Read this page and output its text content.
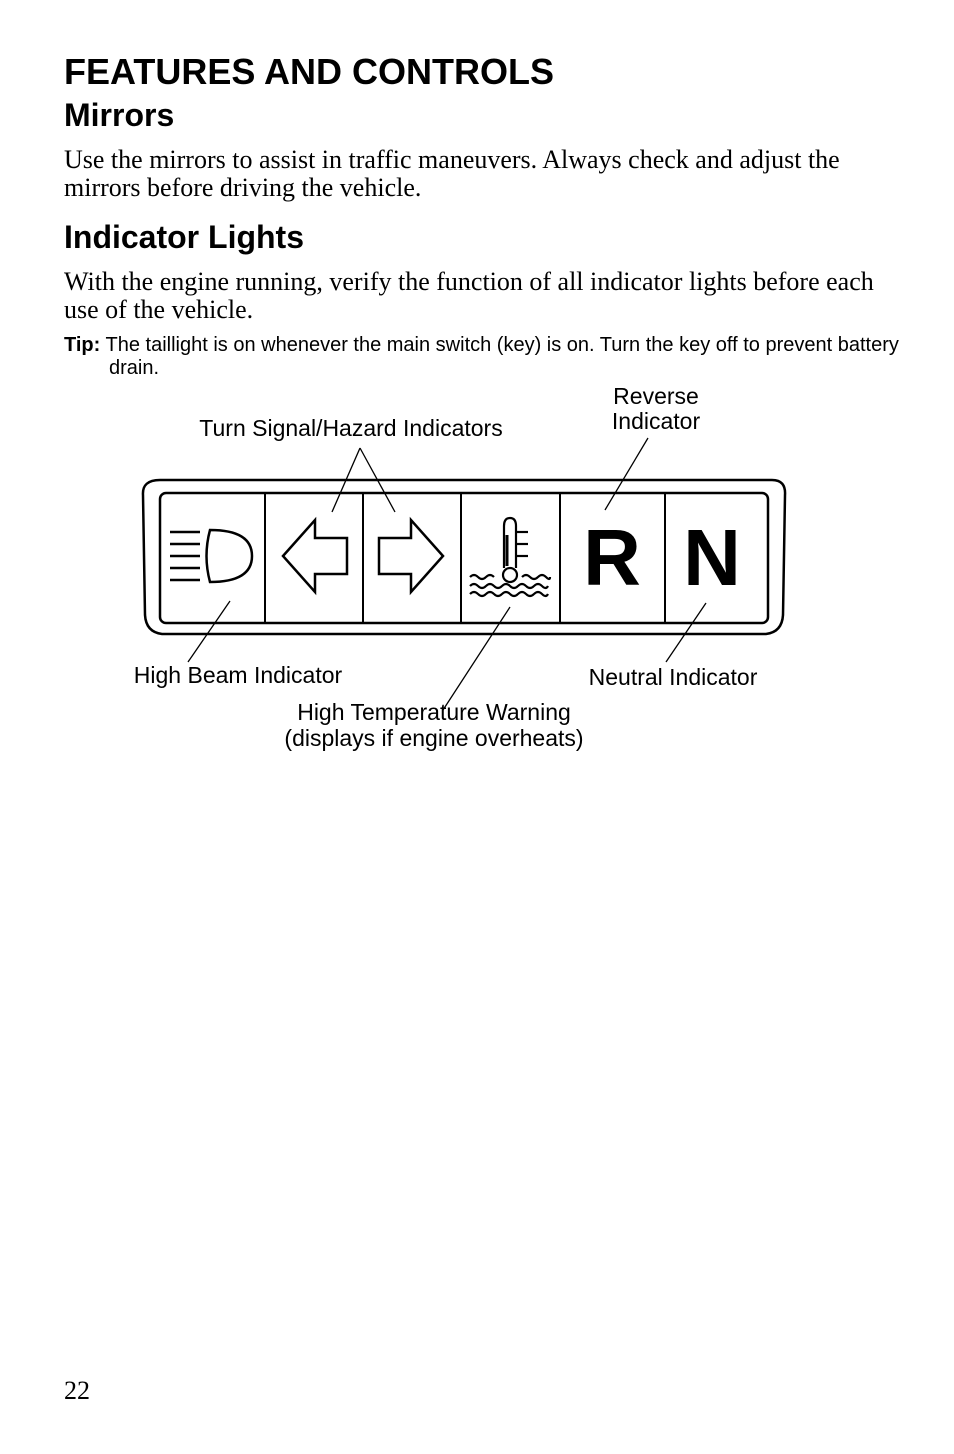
FEATURES AND CONTROLS
Mirrors

Use the mirrors to assist in traffic maneuvers. Always check and adjust the mirrors before driving the vehicle.

Indicator Lights

With the engine running, verify the function of all indicator lights before each use of the vehicle.

Tip: The taillight is on whenever the main switch (key) is on. Turn the key off to prevent battery drain.

R N
Turn Signal/Hazard Indicators
Reverse
Indicator
High Beam Indicator	Neutral Indicator
High Temperature Warning
(displays if engine overheats)

22
